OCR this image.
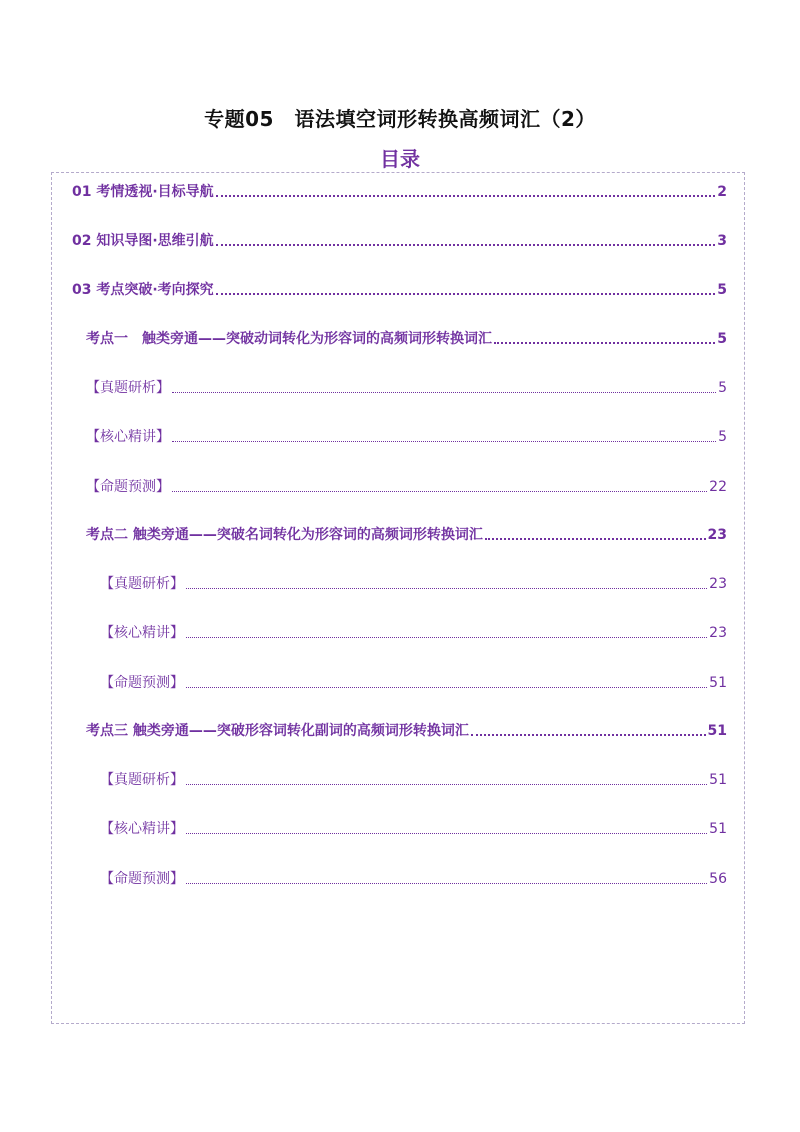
专题05　语法填空词形转换高频词汇（2）
目录
01 考情透视·目标导航	2
02 知识导图·思维引航	3
03 考点突破·考向探究	5
考点一　触类旁通——突破动词转化为形容词的高频词形转换词汇	5
【真题研析】	5
【核心精讲】	5
【命题预测】	22
考点二 触类旁通——突破名词转化为形容词的高频词形转换词汇	23
【真题研析】	23
【核心精讲】	23
【命题预测】	51
考点三 触类旁通——突破形容词转化副词的高频词形转换词汇	51
【真题研析】	51
【核心精讲】	51
【命题预测】	56
